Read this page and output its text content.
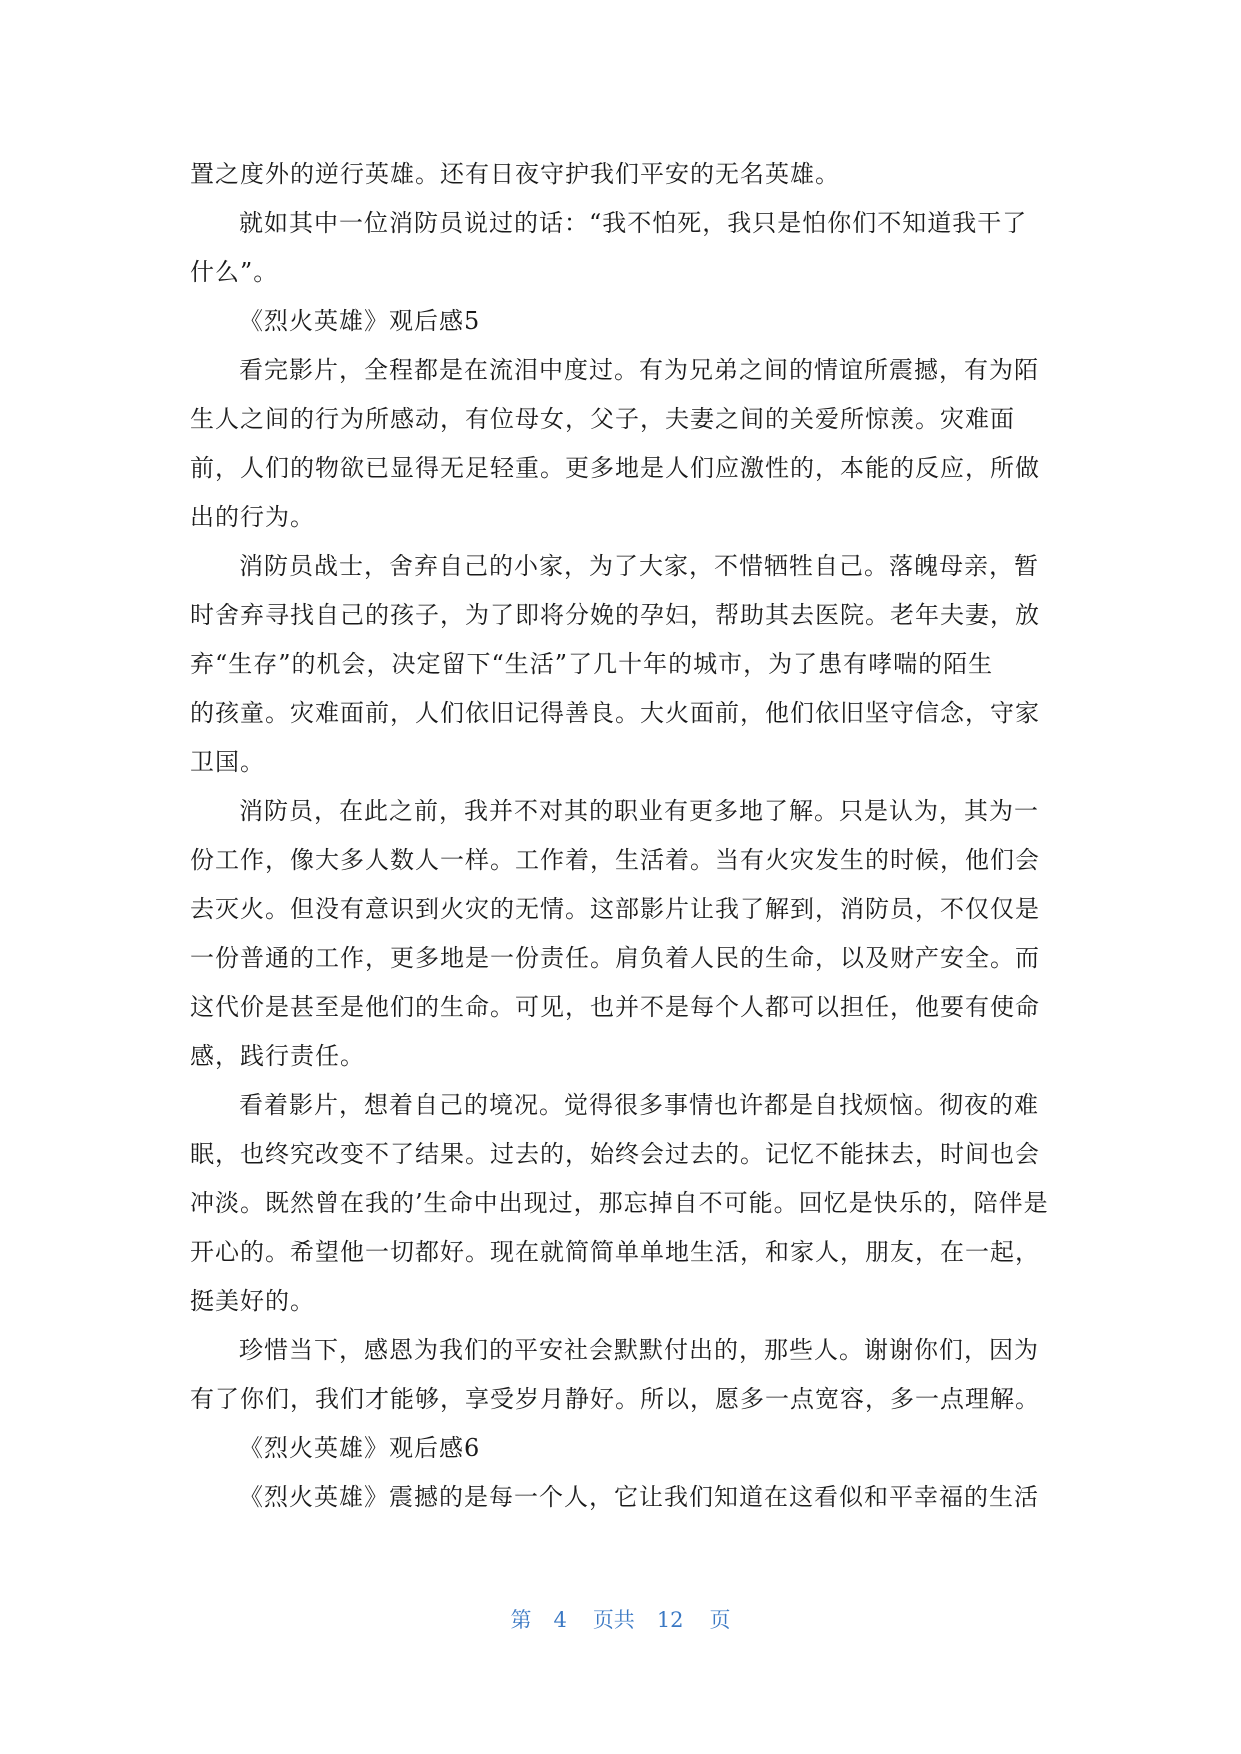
置之度外的逆行英雄。还有日夜守护我们平安的无名英雄。
就如其中一位消防员说过的话：“我不怕死，我只是怕你们不知道我干了
什么”。
《烈火英雄》观后感5
看完影片，全程都是在流泪中度过。有为兄弟之间的情谊所震撼，有为陌
生人之间的行为所感动，有位母女，父子，夫妻之间的关爱所惊羡。灾难面
前，人们的物欲已显得无足轻重。更多地是人们应激性的，本能的反应，所做
出的行为。
消防员战士，舍弃自己的小家，为了大家，不惜牺牲自己。落魄母亲，暂
时舍弃寻找自己的孩子，为了即将分娩的孕妇，帮助其去医院。老年夫妻，放
弃“生存”的机会，决定留下“生活”了几十年的城市，为了患有哮喘的陌生
的孩童。灾难面前，人们依旧记得善良。大火面前，他们依旧坚守信念，守家
卫国。
消防员，在此之前，我并不对其的职业有更多地了解。只是认为，其为一
份工作，像大多人数人一样。工作着，生活着。当有火灾发生的时候，他们会
去灭火。但没有意识到火灾的无情。这部影片让我了解到，消防员，不仅仅是
一份普通的工作，更多地是一份责任。肩负着人民的生命，以及财产安全。而
这代价是甚至是他们的生命。可见，也并不是每个人都可以担任，他要有使命
感，践行责任。
看着影片，想着自己的境况。觉得很多事情也许都是自找烦恼。彻夜的难
眠，也终究改变不了结果。过去的，始终会过去的。记忆不能抹去，时间也会
冲淡。既然曾在我的’生命中出现过，那忘掉自不可能。回忆是快乐的，陪伴是
开心的。希望他一切都好。现在就简简单单地生活，和家人，朋友，在一起，
挺美好的。
珍惜当下，感恩为我们的平安社会默默付出的，那些人。谢谢你们，因为
有了你们，我们才能够，享受岁月静好。所以，愿多一点宽容，多一点理解。
《烈火英雄》观后感6
《烈火英雄》震撼的是每一个人，它让我们知道在这看似和平幸福的生活
第 4 页共 12 页
